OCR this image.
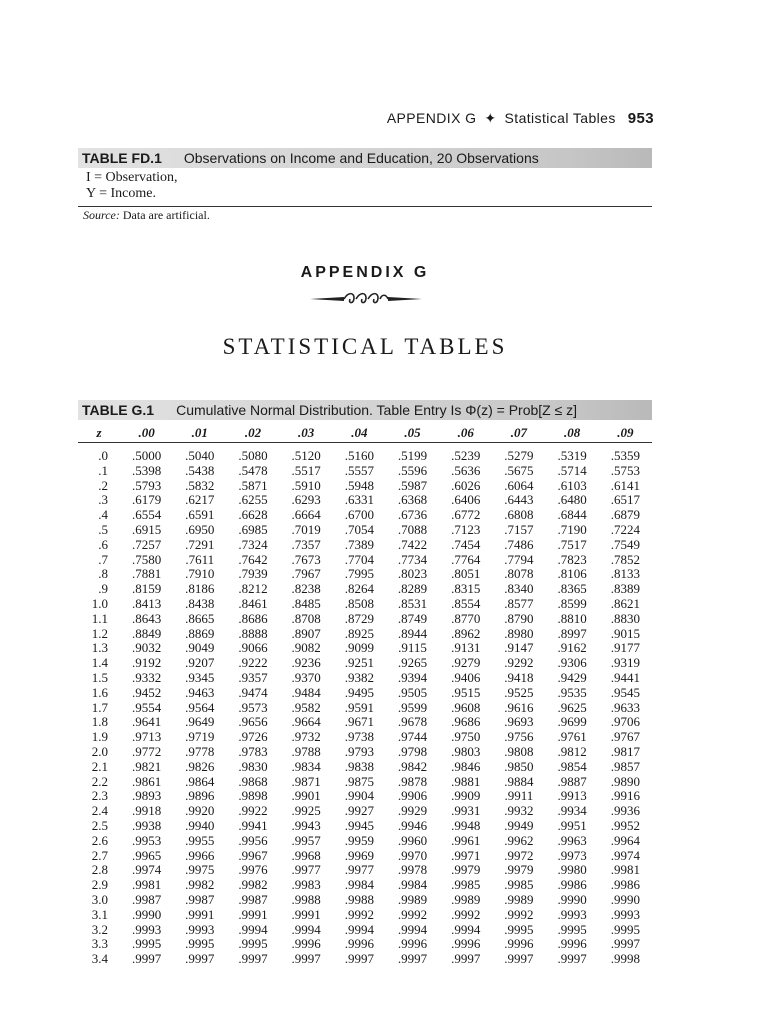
APPENDIX G ✦ Statistical Tables 953
TABLE FD.1 Observations on Income and Education, 20 Observations
I = Observation,
Y = Income.
Source: Data are artificial.
APPENDIX G
STATISTICAL TABLES
TABLE G.1 Cumulative Normal Distribution. Table Entry Is Φ(z) = Prob[Z ≤ z]
z	.00	.01	.02	.03	.04	.05	.06	.07	.08	.09
.0	.5000	.5040	.5080	.5120	.5160	.5199	.5239	.5279	.5319	.5359
.1	.5398	.5438	.5478	.5517	.5557	.5596	.5636	.5675	.5714	.5753
.2	.5793	.5832	.5871	.5910	.5948	.5987	.6026	.6064	.6103	.6141
.3	.6179	.6217	.6255	.6293	.6331	.6368	.6406	.6443	.6480	.6517
.4	.6554	.6591	.6628	.6664	.6700	.6736	.6772	.6808	.6844	.6879
.5	.6915	.6950	.6985	.7019	.7054	.7088	.7123	.7157	.7190	.7224
.6	.7257	.7291	.7324	.7357	.7389	.7422	.7454	.7486	.7517	.7549
.7	.7580	.7611	.7642	.7673	.7704	.7734	.7764	.7794	.7823	.7852
.8	.7881	.7910	.7939	.7967	.7995	.8023	.8051	.8078	.8106	.8133
.9	.8159	.8186	.8212	.8238	.8264	.8289	.8315	.8340	.8365	.8389
1.0	.8413	.8438	.8461	.8485	.8508	.8531	.8554	.8577	.8599	.8621
1.1	.8643	.8665	.8686	.8708	.8729	.8749	.8770	.8790	.8810	.8830
1.2	.8849	.8869	.8888	.8907	.8925	.8944	.8962	.8980	.8997	.9015
1.3	.9032	.9049	.9066	.9082	.9099	.9115	.9131	.9147	.9162	.9177
1.4	.9192	.9207	.9222	.9236	.9251	.9265	.9279	.9292	.9306	.9319
1.5	.9332	.9345	.9357	.9370	.9382	.9394	.9406	.9418	.9429	.9441
1.6	.9452	.9463	.9474	.9484	.9495	.9505	.9515	.9525	.9535	.9545
1.7	.9554	.9564	.9573	.9582	.9591	.9599	.9608	.9616	.9625	.9633
1.8	.9641	.9649	.9656	.9664	.9671	.9678	.9686	.9693	.9699	.9706
1.9	.9713	.9719	.9726	.9732	.9738	.9744	.9750	.9756	.9761	.9767
2.0	.9772	.9778	.9783	.9788	.9793	.9798	.9803	.9808	.9812	.9817
2.1	.9821	.9826	.9830	.9834	.9838	.9842	.9846	.9850	.9854	.9857
2.2	.9861	.9864	.9868	.9871	.9875	.9878	.9881	.9884	.9887	.9890
2.3	.9893	.9896	.9898	.9901	.9904	.9906	.9909	.9911	.9913	.9916
2.4	.9918	.9920	.9922	.9925	.9927	.9929	.9931	.9932	.9934	.9936
2.5	.9938	.9940	.9941	.9943	.9945	.9946	.9948	.9949	.9951	.9952
2.6	.9953	.9955	.9956	.9957	.9959	.9960	.9961	.9962	.9963	.9964
2.7	.9965	.9966	.9967	.9968	.9969	.9970	.9971	.9972	.9973	.9974
2.8	.9974	.9975	.9976	.9977	.9977	.9978	.9979	.9979	.9980	.9981
2.9	.9981	.9982	.9982	.9983	.9984	.9984	.9985	.9985	.9986	.9986
3.0	.9987	.9987	.9987	.9988	.9988	.9989	.9989	.9989	.9990	.9990
3.1	.9990	.9991	.9991	.9991	.9992	.9992	.9992	.9992	.9993	.9993
3.2	.9993	.9993	.9994	.9994	.9994	.9994	.9994	.9995	.9995	.9995
3.3	.9995	.9995	.9995	.9996	.9996	.9996	.9996	.9996	.9996	.9997
3.4	.9997	.9997	.9997	.9997	.9997	.9997	.9997	.9997	.9997	.9998
